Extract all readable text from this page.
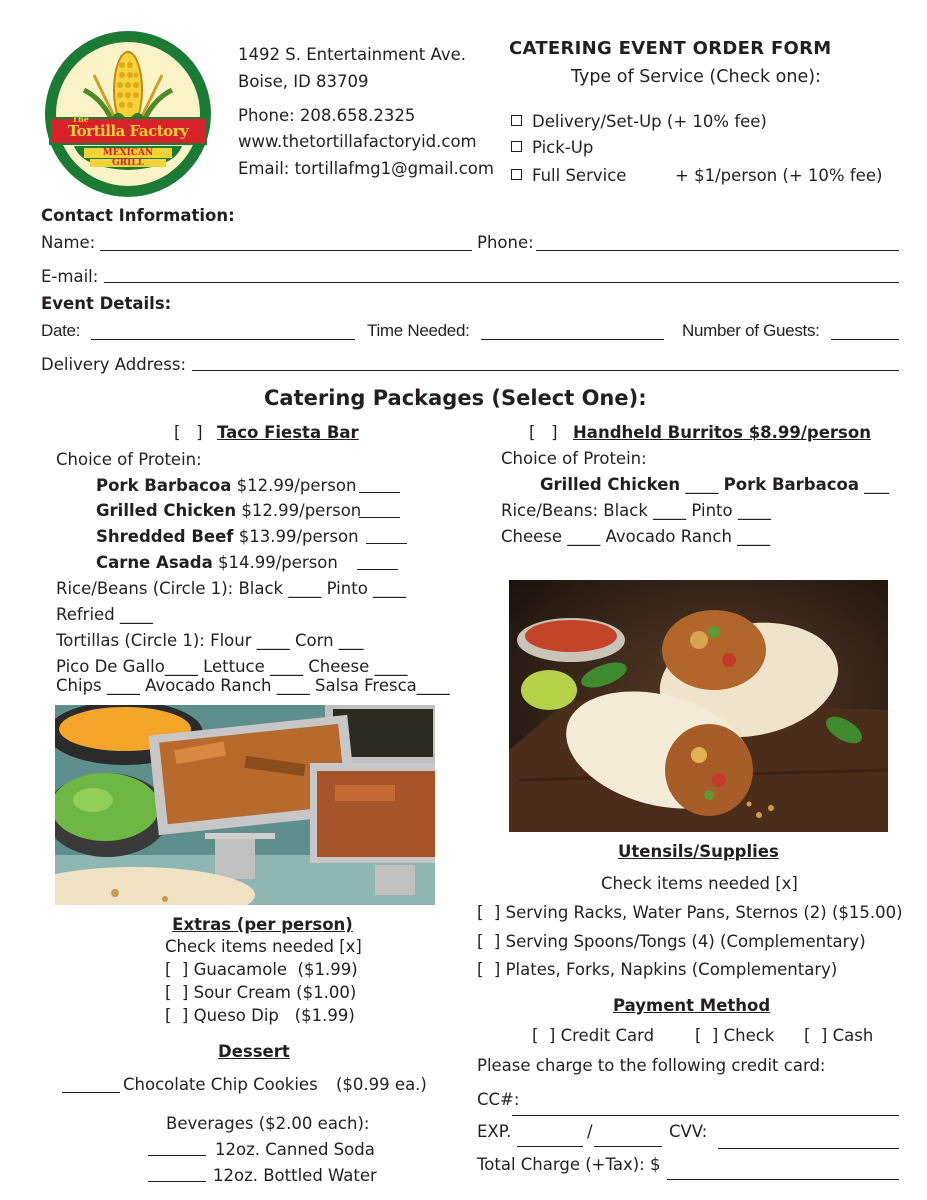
The
Tortilla Factory
MEXICAN GRILL
1492 S. Entertainment Ave.
Boise, ID 83709
Phone: 208.658.2325
www.thetortillafactoryid.com
Email: tortillafmg1@gmail.com
CATERING EVENT ORDER FORM
Type of Service (Check one):
Delivery/Set-Up (+ 10% fee)
Pick-Up
Full Service	+ $1/person (+ 10% fee)
Contact Information:
Name:	Phone:
E-mail:
Event Details:
Date:	Time Needed:	Number of Guests:
Delivery Address:
Catering Packages (Select One):
[   ] Taco Fiesta Bar
Choice of Protein:
Pork Barbacoa $12.99/person
Grilled Chicken $12.99/person
Shredded Beef $13.99/person
Carne Asada $14.99/person
Rice/Beans (Circle 1): Black ____ Pinto ____
Refried ____
Tortillas (Circle 1): Flour ____ Corn ___
Pico De Gallo____ Lettuce ____ Cheese ____
Chips ____ Avocado Ranch ____ Salsa Fresca____
[   ] Handheld Burritos $8.99/person
Choice of Protein:
Grilled Chicken ____ Pork Barbacoa ___
Rice/Beans: Black ____ Pinto ____
Cheese ____ Avocado Ranch ____
Extras (per person)
Check items needed [x]
[  ] Guacamole  ($1.99)
[  ] Sour Cream ($1.00)
[  ] Queso Dip   ($1.99)
Dessert
Chocolate Chip Cookies ($0.99 ea.)
Beverages ($2.00 each):
12oz. Canned Soda
12oz. Bottled Water
Utensils/Supplies
Check items needed [x]
[  ] Serving Racks, Water Pans, Sternos (2) ($15.00)
[  ] Serving Spoons/Tongs (4) (Complementary)
[  ] Plates, Forks, Napkins (Complementary)
Payment Method
[  ] Credit Card [  ] Check [  ] Cash
Please charge to the following credit card:
CC#:
EXP.	/	CVV:
Total Charge (+Tax): $
